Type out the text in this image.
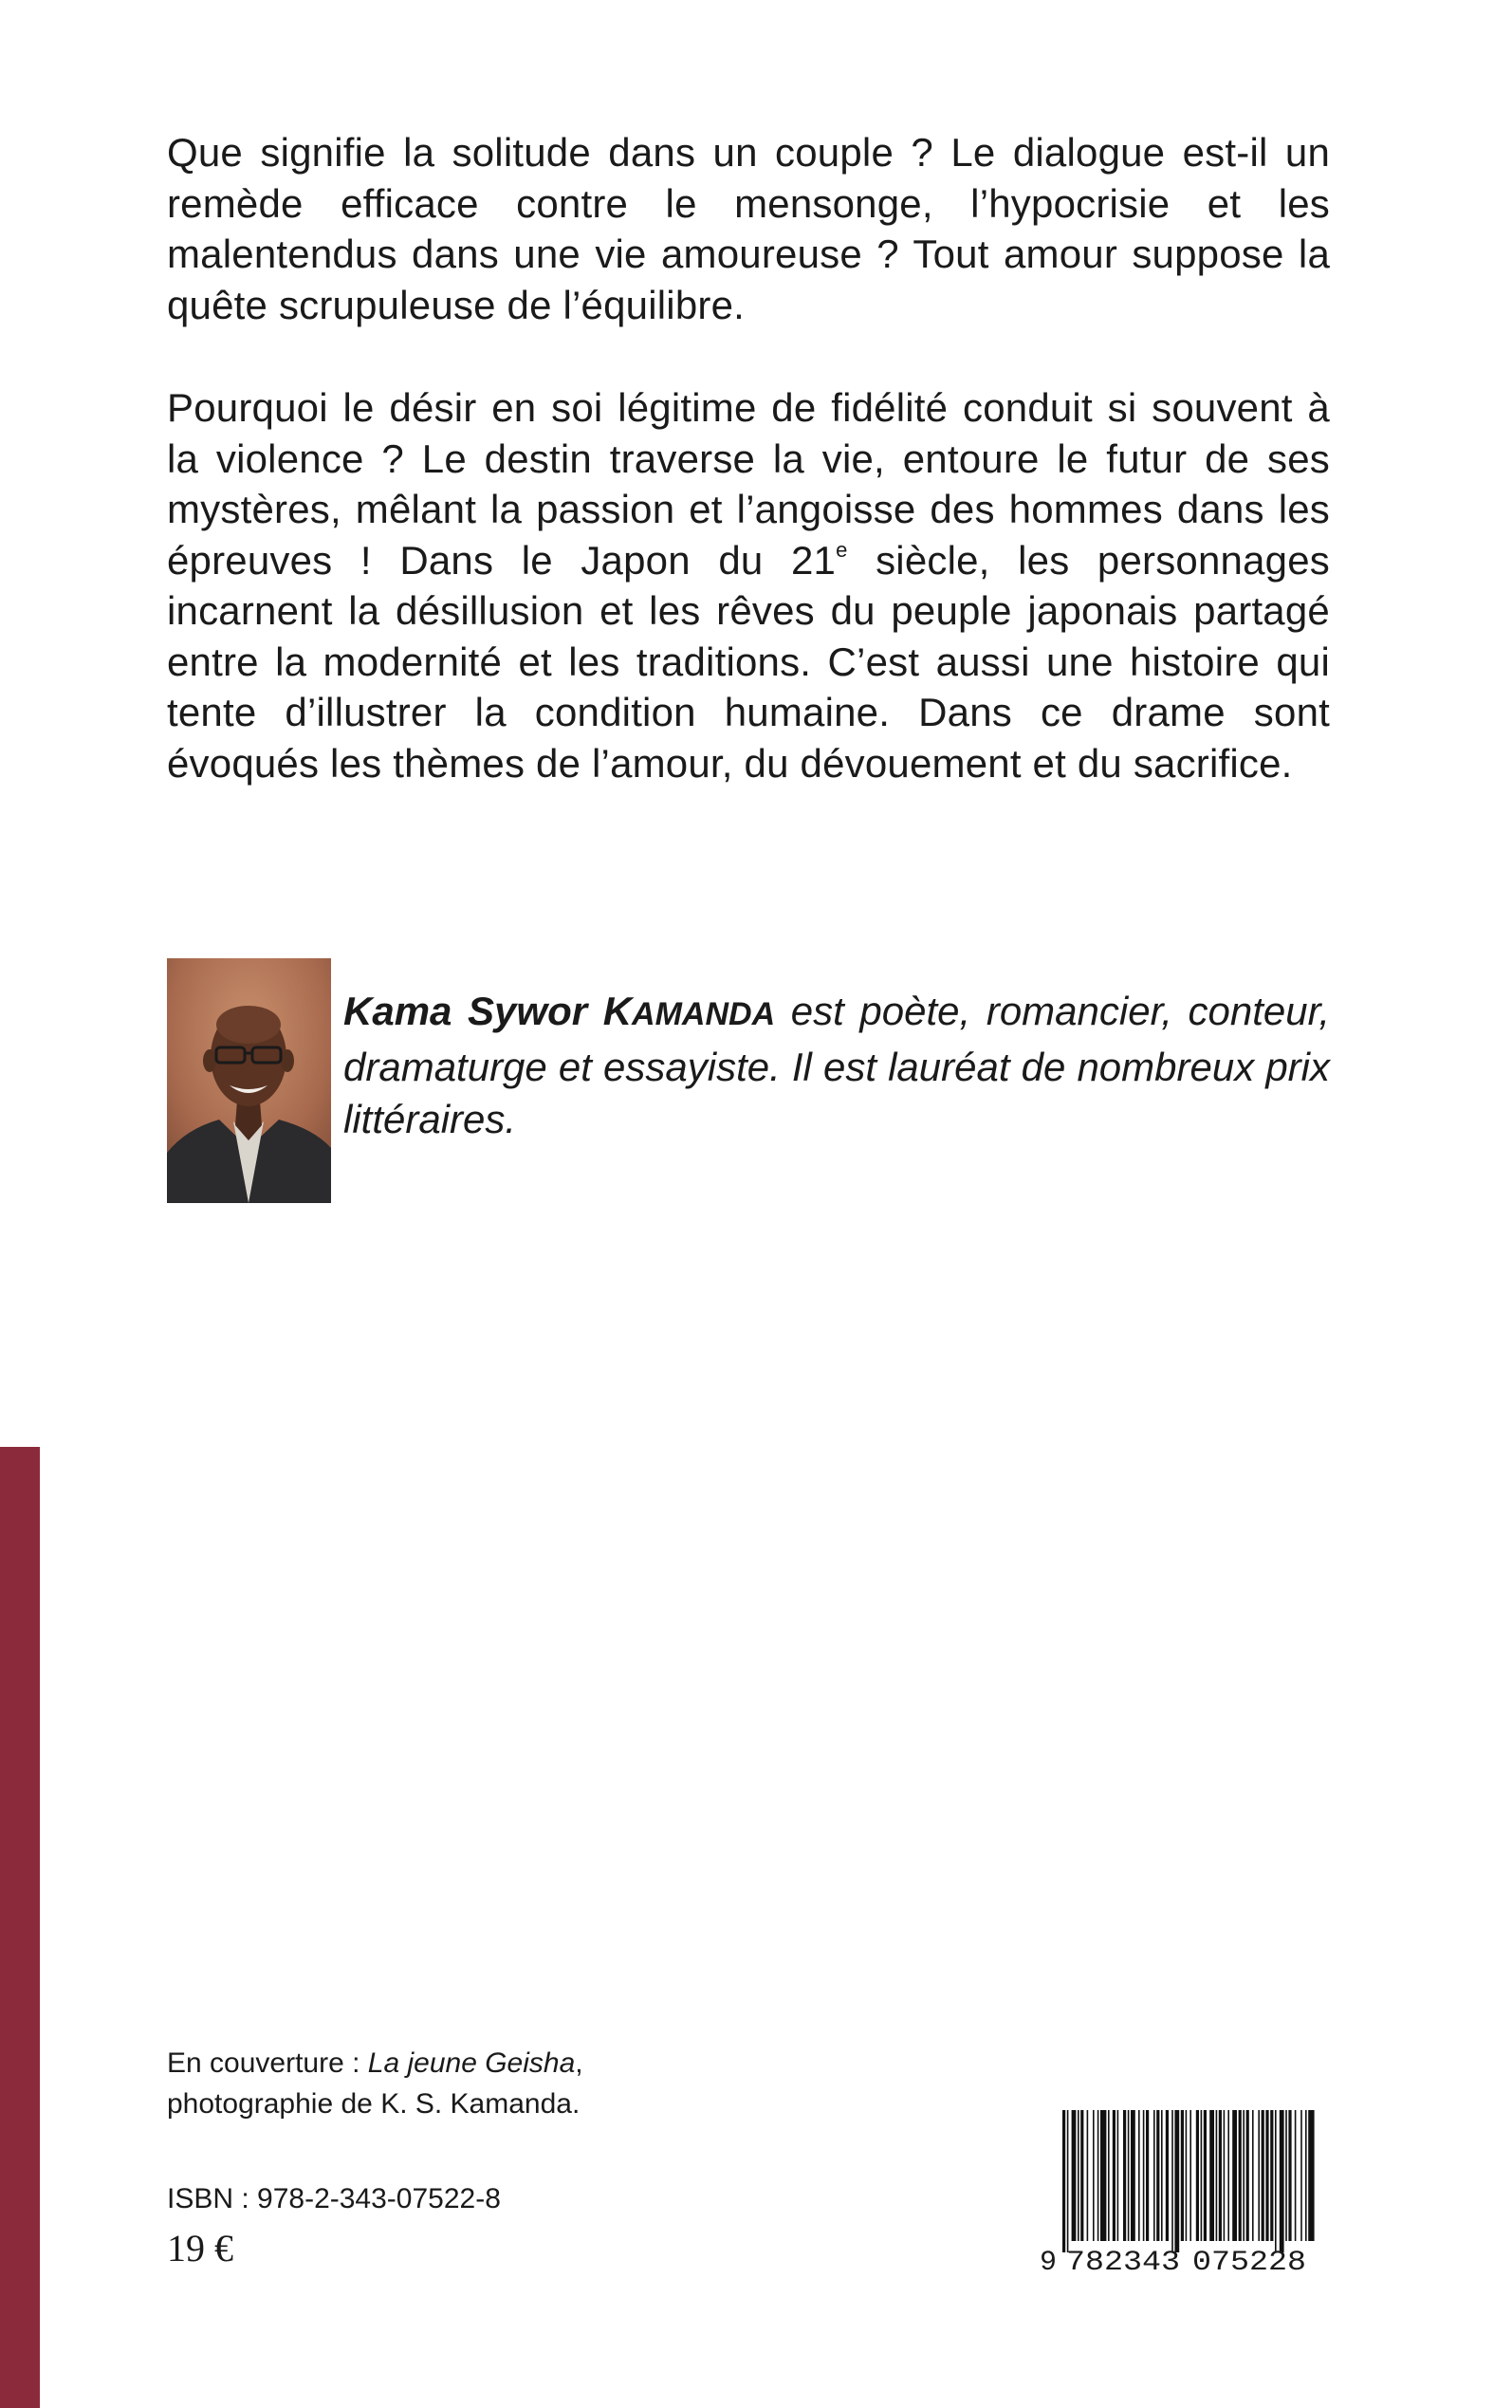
Que signifie la solitude dans un couple ? Le dialogue est-il un remède efficace contre le mensonge, l’hypocrisie et les malentendus dans une vie amoureuse ? Tout amour suppose la quête scrupuleuse de l’équilibre.

Pourquoi le désir en soi légitime de fidélité conduit si souvent à la violence ? Le destin traverse la vie, entoure le futur de ses mystères, mêlant la passion et l’angoisse des hommes dans les épreuves ! Dans le Japon du 21e siècle, les personnages incarnent la désillusion et les rêves du peuple japonais partagé entre la modernité et les traditions. C’est aussi une histoire qui tente d’illustrer la condition humaine. Dans ce drame sont évoqués les thèmes de l’amour, du dévouement et du sacrifice.

Kama Sywor KAMANDA est poète, romancier, conteur, dramaturge et essayiste. Il est lauréat de nombreux prix littéraires.

En couverture : La jeune Geisha,
photographie de K. S. Kamanda.

ISBN : 978-2-343-07522-8

19 €	9 782343 075228
